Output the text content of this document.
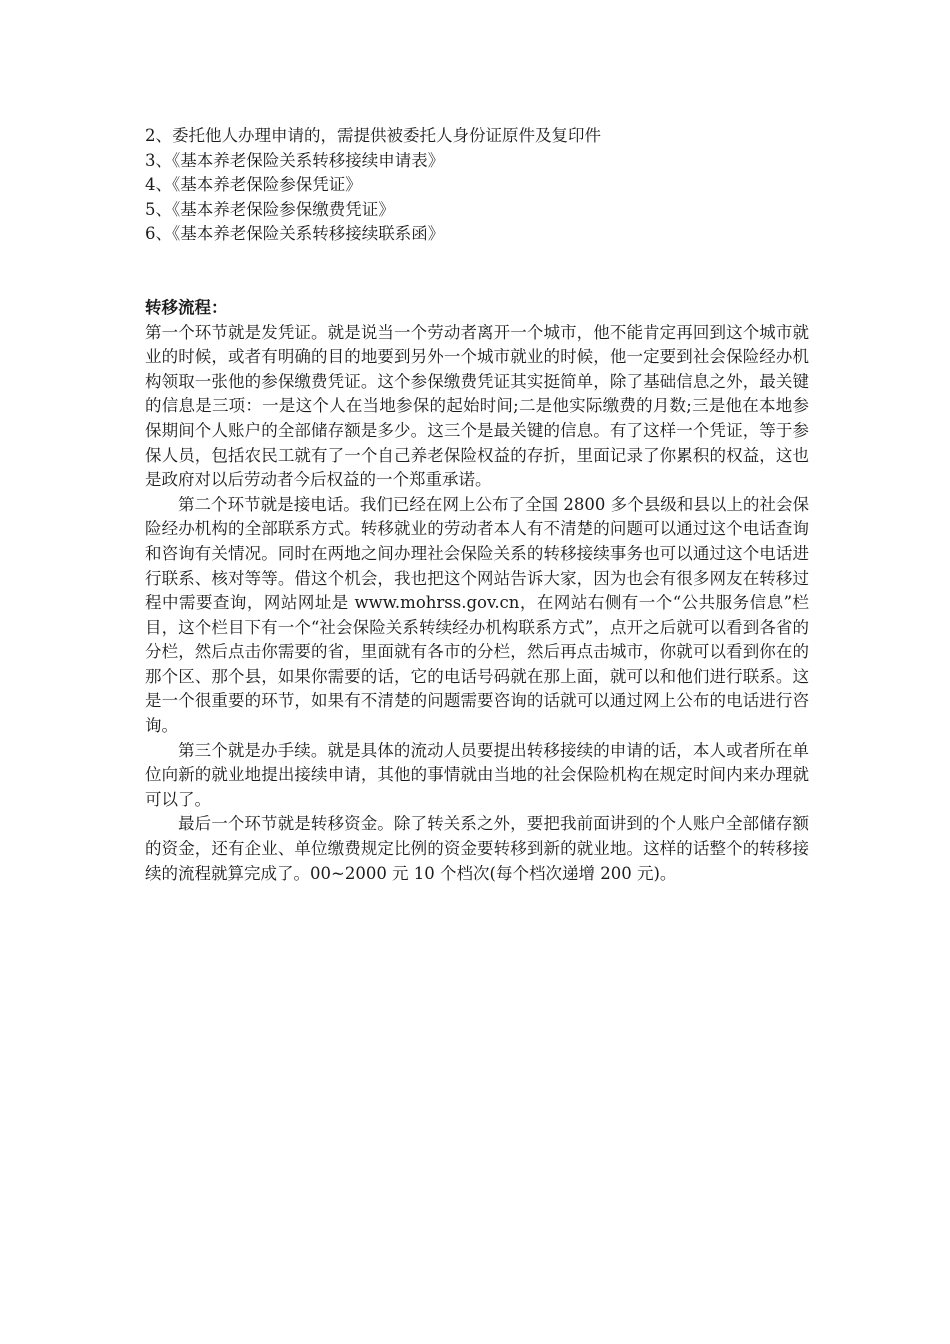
2、委托他人办理申请的，需提供被委托人身份证原件及复印件

3、《基本养老保险关系转移接续申请表》

4、《基本养老保险参保凭证》

5、《基本养老保险参保缴费凭证》

6、《基本养老保险关系转移接续联系函》

转移流程：

第一个环节就是发凭证。就是说当一个劳动者离开一个城市，他不能肯定再回到这个城市就业的时候，或者有明确的目的地要到另外一个城市就业的时候，他一定要到社会保险经办机构领取一张他的参保缴费凭证。这个参保缴费凭证其实挺简单，除了基础信息之外，最关键的信息是三项：一是这个人在当地参保的起始时间;二是他实际缴费的月数;三是他在本地参保期间个人账户的全部储存额是多少。这三个是最关键的信息。有了这样一个凭证，等于参保人员，包括农民工就有了一个自己养老保险权益的存折，里面记录了你累积的权益，这也是政府对以后劳动者今后权益的一个郑重承诺。

第二个环节就是接电话。我们已经在网上公布了全国 2800 多个县级和县以上的社会保险经办机构的全部联系方式。转移就业的劳动者本人有不清楚的问题可以通过这个电话查询和咨询有关情况。同时在两地之间办理社会保险关系的转移接续事务也可以通过这个电话进行联系、核对等等。借这个机会，我也把这个网站告诉大家，因为也会有很多网友在转移过程中需要查询，网站网址是 www.mohrss.gov.cn，在网站右侧有一个“公共服务信息”栏目，这个栏目下有一个“社会保险关系转续经办机构联系方式”，点开之后就可以看到各省的分栏，然后点击你需要的省，里面就有各市的分栏，然后再点击城市，你就可以看到你在的那个区、那个县，如果你需要的话，它的电话号码就在那上面，就可以和他们进行联系。这是一个很重要的环节，如果有不清楚的问题需要咨询的话就可以通过网上公布的电话进行咨询。

第三个就是办手续。就是具体的流动人员要提出转移接续的申请的话，本人或者所在单位向新的就业地提出接续申请，其他的事情就由当地的社会保险机构在规定时间内来办理就可以了。

最后一个环节就是转移资金。除了转关系之外，要把我前面讲到的个人账户全部储存额的资金，还有企业、单位缴费规定比例的资金要转移到新的就业地。这样的话整个的转移接续的流程就算完成了。00~2000 元 10 个档次(每个档次递增 200 元)。
